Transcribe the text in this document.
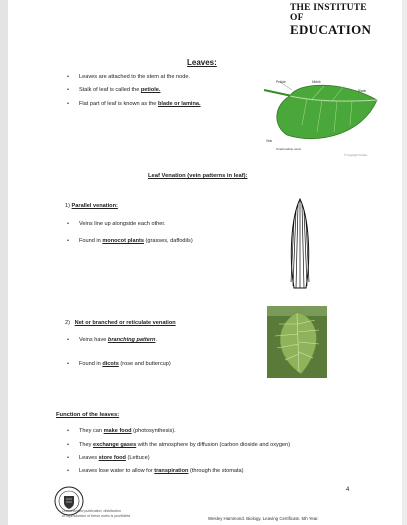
THE INSTITUTE OF
EDUCATION
Leaves:
• Leaves are attached to the stem at the node.
• Stalk of leaf is called the petiole.
• Flat part of leaf is known as the blade or lamina.
Petiole	Midrib
Blade
Vein
Small outline veins
© Copyright Cursed
Leaf Venation (vein patterns in leaf):
1) Parallel venation:
• Veins line up alongside each other.
• Found in monocot plants (grasses, daffodils)
2) Net or branched or reticulate venation
• Veins have branching pattern.
• Found in dicots (rose and buttercup)
Function of the leaves:
• They can make food (photosynthesis).
• They exchange gases with the atmosphere by diffusion (carbon dioxide and oxygen)
• Leaves store food (Lettuce)
• Leaves lose water to allow for transpiration (through the stomata)
4
Unauthorised publication, distribution
or reproduction of these notes is prohibited	Wesley Hammond. Biology. Leaving Certificate. 5th Year.
